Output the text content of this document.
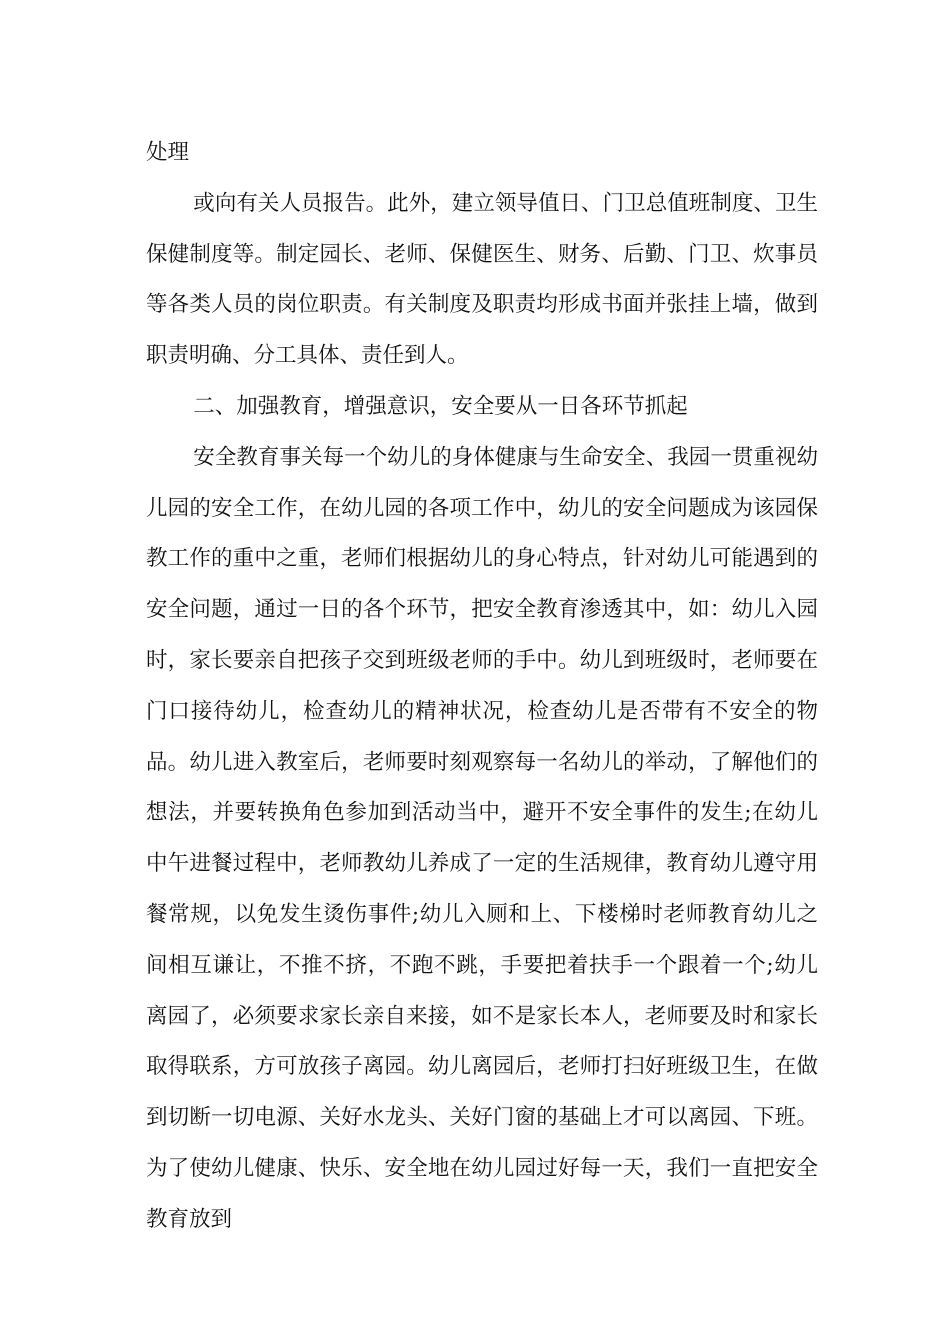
处理

或向有关人员报告。此外，建立领导值日、门卫总值班制度、卫生保健制度等。制定园长、老师、保健医生、财务、后勤、门卫、炊事员等各类人员的岗位职责。有关制度及职责均形成书面并张挂上墙，做到职责明确、分工具体、责任到人。

二、加强教育，增强意识，安全要从一日各环节抓起

安全教育事关每一个幼儿的身体健康与生命安全、我园一贯重视幼儿园的安全工作，在幼儿园的各项工作中，幼儿的安全问题成为该园保教工作的重中之重，老师们根据幼儿的身心特点，针对幼儿可能遇到的安全问题，通过一日的各个环节，把安全教育渗透其中，如：幼儿入园时，家长要亲自把孩子交到班级老师的手中。幼儿到班级时，老师要在门口接待幼儿，检查幼儿的精神状况，检查幼儿是否带有不安全的物品。幼儿进入教室后，老师要时刻观察每一名幼儿的举动，了解他们的想法，并要转换角色参加到活动当中，避开不安全事件的发生;在幼儿中午进餐过程中，老师教幼儿养成了一定的生活规律，教育幼儿遵守用餐常规，以免发生烫伤事件;幼儿入厕和上、下楼梯时老师教育幼儿之间相互谦让，不推不挤，不跑不跳，手要把着扶手一个跟着一个;幼儿离园了，必须要求家长亲自来接，如不是家长本人，老师要及时和家长取得联系，方可放孩子离园。幼儿离园后，老师打扫好班级卫生，在做到切断一切电源、关好水龙头、关好门窗的基础上才可以离园、下班。为了使幼儿健康、快乐、安全地在幼儿园过好每一天，我们一直把安全教育放到
